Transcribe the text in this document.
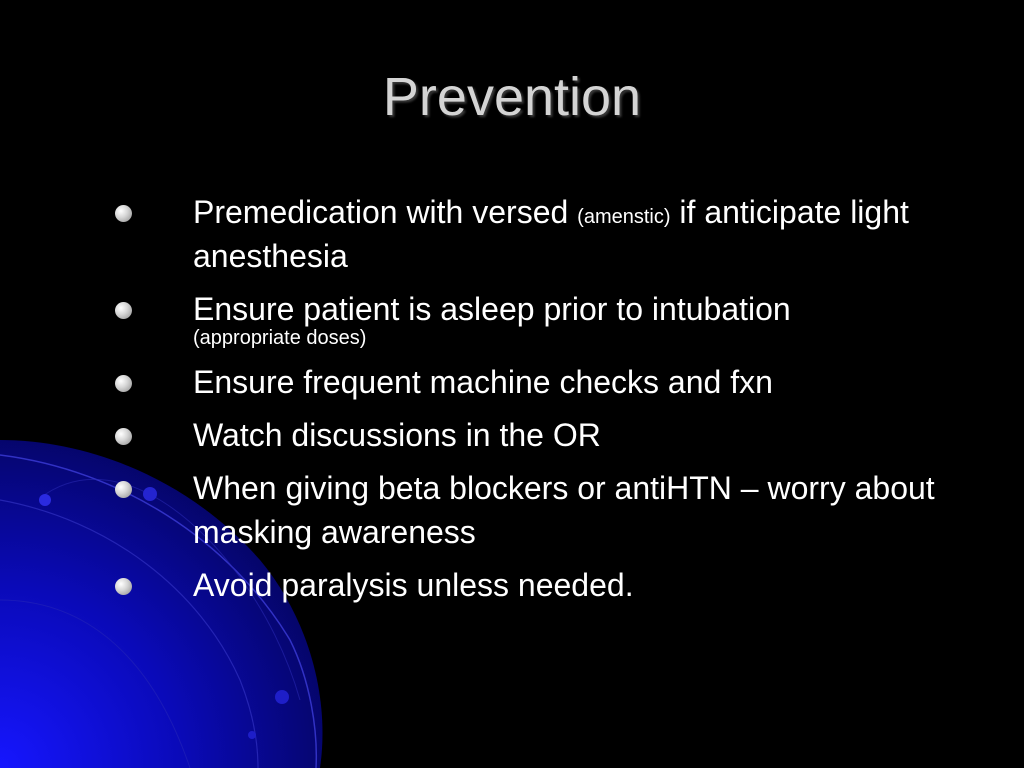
Prevention
Premedication with versed (amenstic) if anticipate light anesthesia
Ensure patient is asleep prior to intubation
(appropriate doses)
Ensure frequent machine checks and fxn
Watch discussions in the OR
When giving beta blockers or antiHTN – worry about masking awareness
Avoid paralysis unless needed.
